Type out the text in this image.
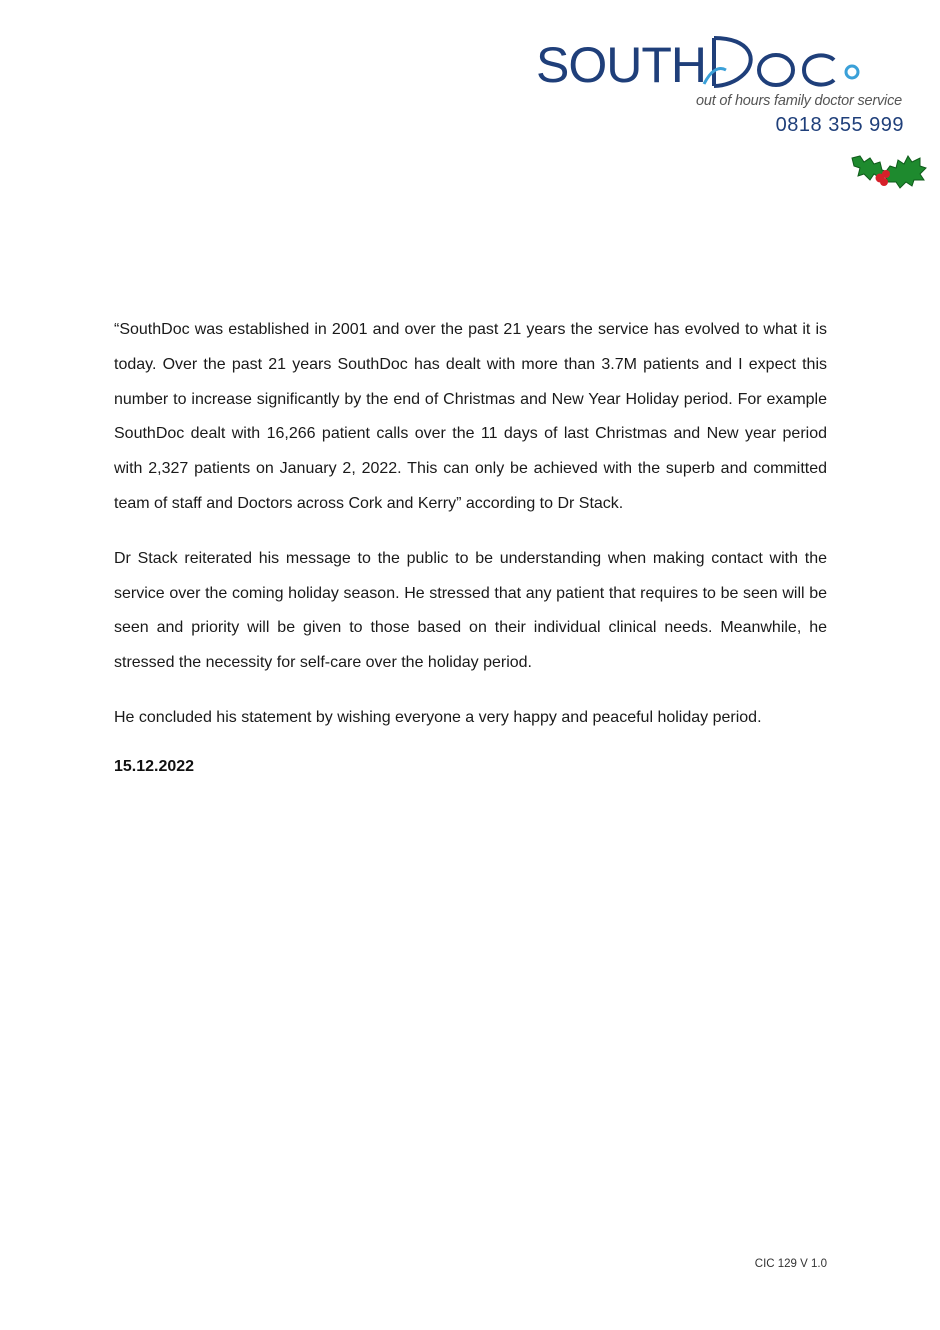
SOUTH
out of hours family doctor service
0818 355 999

“SouthDoc was established in 2001 and over the past 21 years the service has evolved to what it is today. Over the past 21 years SouthDoc has dealt with more than 3.7M patients and I expect this number to increase significantly by the end of Christmas and New Year Holiday period. For example SouthDoc dealt with 16,266 patient calls over the 11 days of last Christmas and New year period with 2,327 patients on January 2, 2022. This can only be achieved with the superb and committed team of staff and Doctors across Cork and Kerry” according to Dr Stack.

Dr Stack reiterated his message to the public to be understanding when making contact with the service over the coming holiday season. He stressed that any patient that requires to be seen will be seen and priority will be given to those based on their individual clinical needs. Meanwhile, he stressed the necessity for self-care over the holiday period.

He concluded his statement by wishing everyone a very happy and peaceful holiday period.

15.12.2022

CIC 129 V 1.0
